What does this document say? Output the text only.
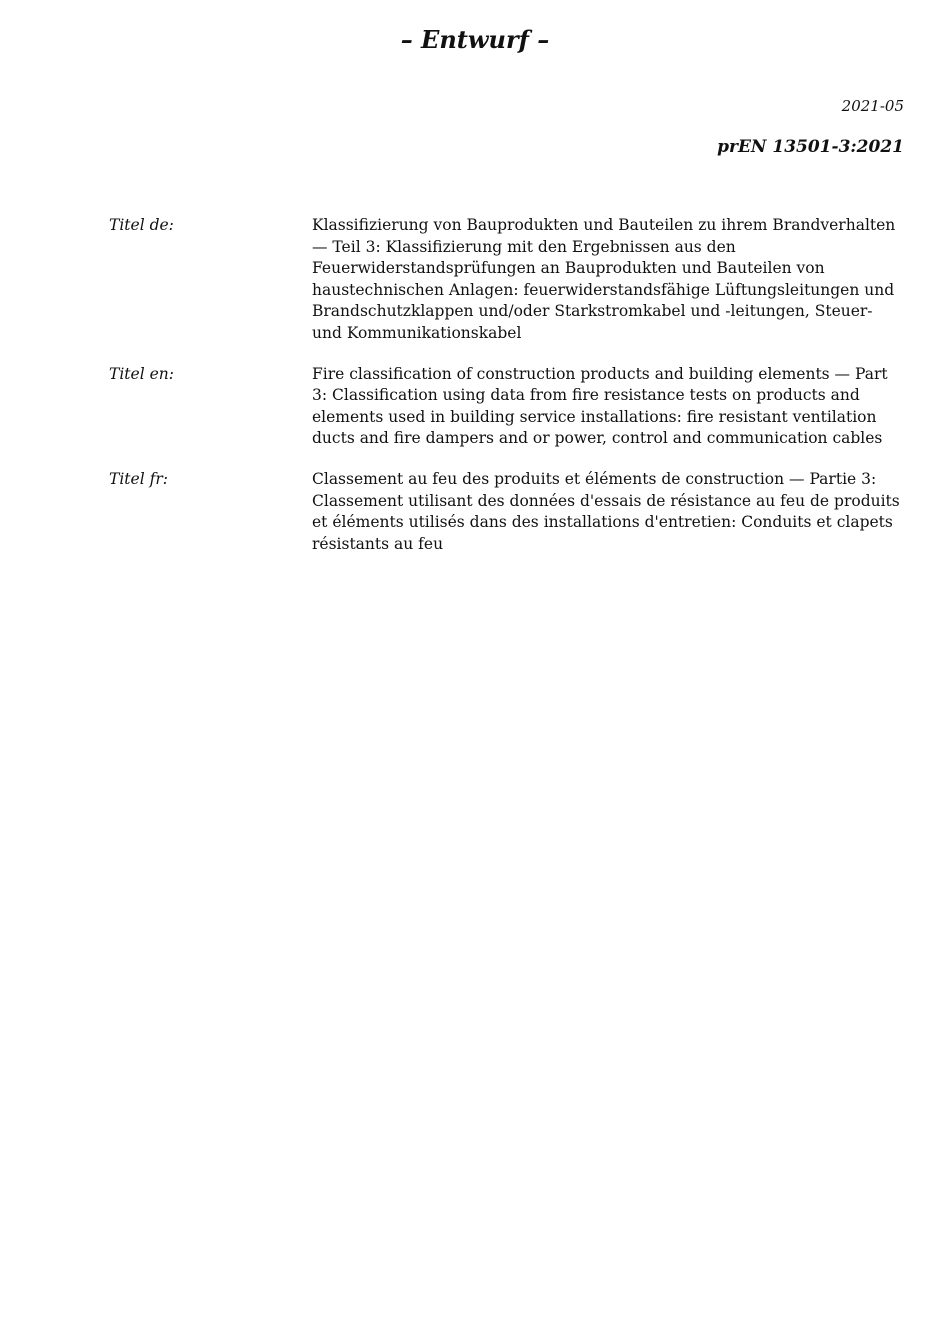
– Entwurf –
2021-05
prEN 13501-3:2021
Titel de:	Klassifizierung von Bauprodukten und Bauteilen zu ihrem Brandverhalten — Teil 3: Klassifizierung mit den Ergebnissen aus den Feuerwiderstandsprüfungen an Bauprodukten und Bauteilen von haustechnischen Anlagen: feuerwiderstandsfähige Lüftungsleitungen und Brandschutzklappen und/oder Starkstromkabel und -leitungen, Steuer- und Kommunikationskabel
Titel en:	Fire classification of construction products and building elements — Part 3: Classification using data from fire resistance tests on products and elements used in building service installations: fire resistant ventilation ducts and fire dampers and or power, control and communication cables
Titel fr:	Classement au feu des produits et éléments de construction — Partie 3: Classement utilisant des données d'essais de résistance au feu de produits et éléments utilisés dans des installations d'entretien: Conduits et clapets résistants au feu
